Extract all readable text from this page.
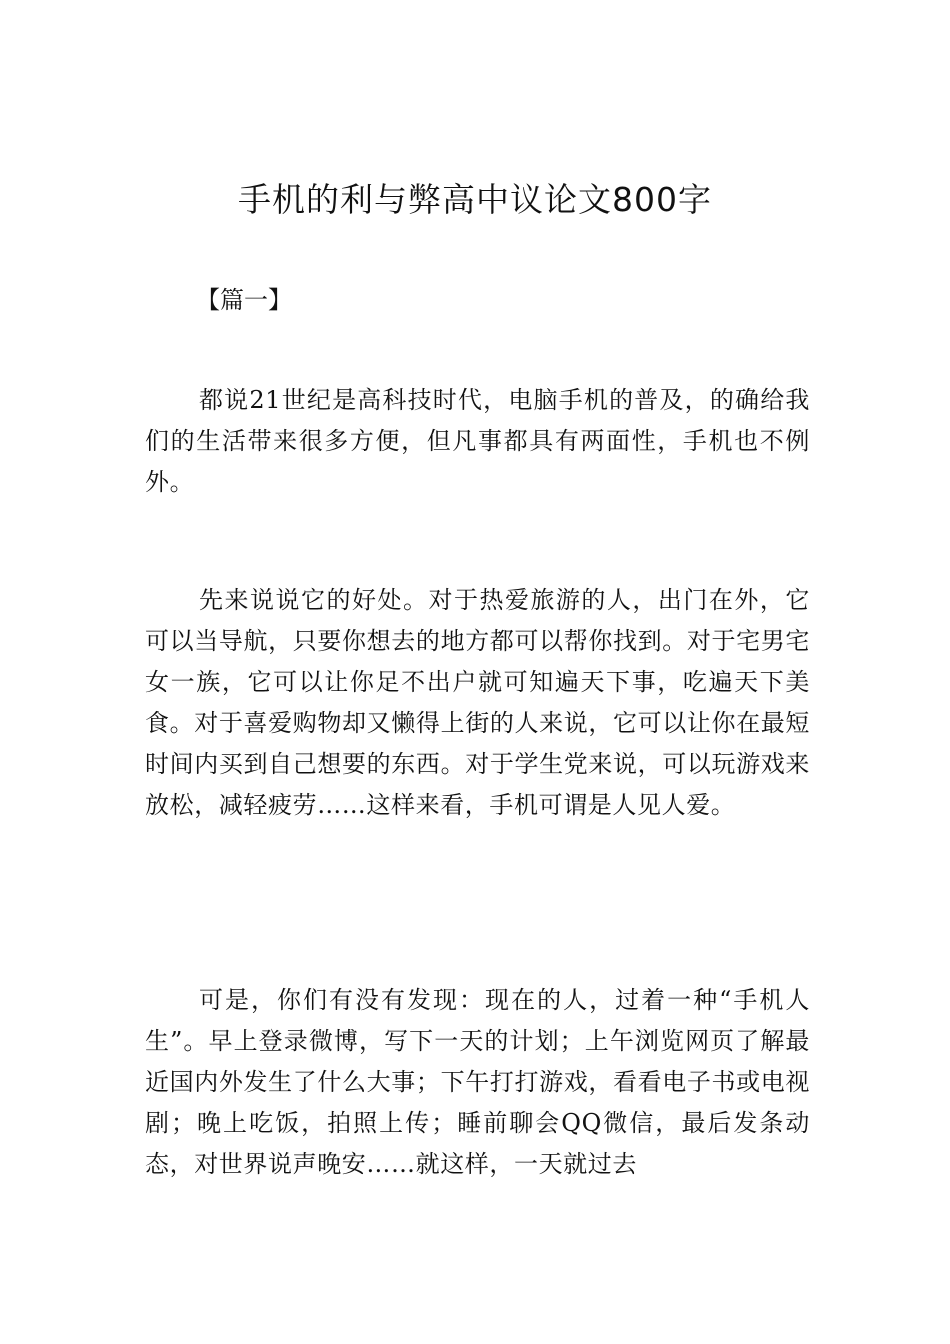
手机的利与弊高中议论文800字

【篇一】

都说21世纪是高科技时代，电脑手机的普及，的确给我们的生活带来很多方便，但凡事都具有两面性，手机也不例外。

先来说说它的好处。对于热爱旅游的人，出门在外，它可以当导航，只要你想去的地方都可以帮你找到。对于宅男宅女一族，它可以让你足不出户就可知遍天下事，吃遍天下美食。对于喜爱购物却又懒得上街的人来说，它可以让你在最短时间内买到自己想要的东西。对于学生党来说，可以玩游戏来放松，减轻疲劳……这样来看，手机可谓是人见人爱。

可是，你们有没有发现：现在的人，过着一种“手机人生”。早上登录微博，写下一天的计划；上午浏览网页了解最近国内外发生了什么大事；下午打打游戏，看看电子书或电视剧；晚上吃饭，拍照上传；睡前聊会QQ微信，最后发条动态，对世界说声晚安……就这样，一天就过去
